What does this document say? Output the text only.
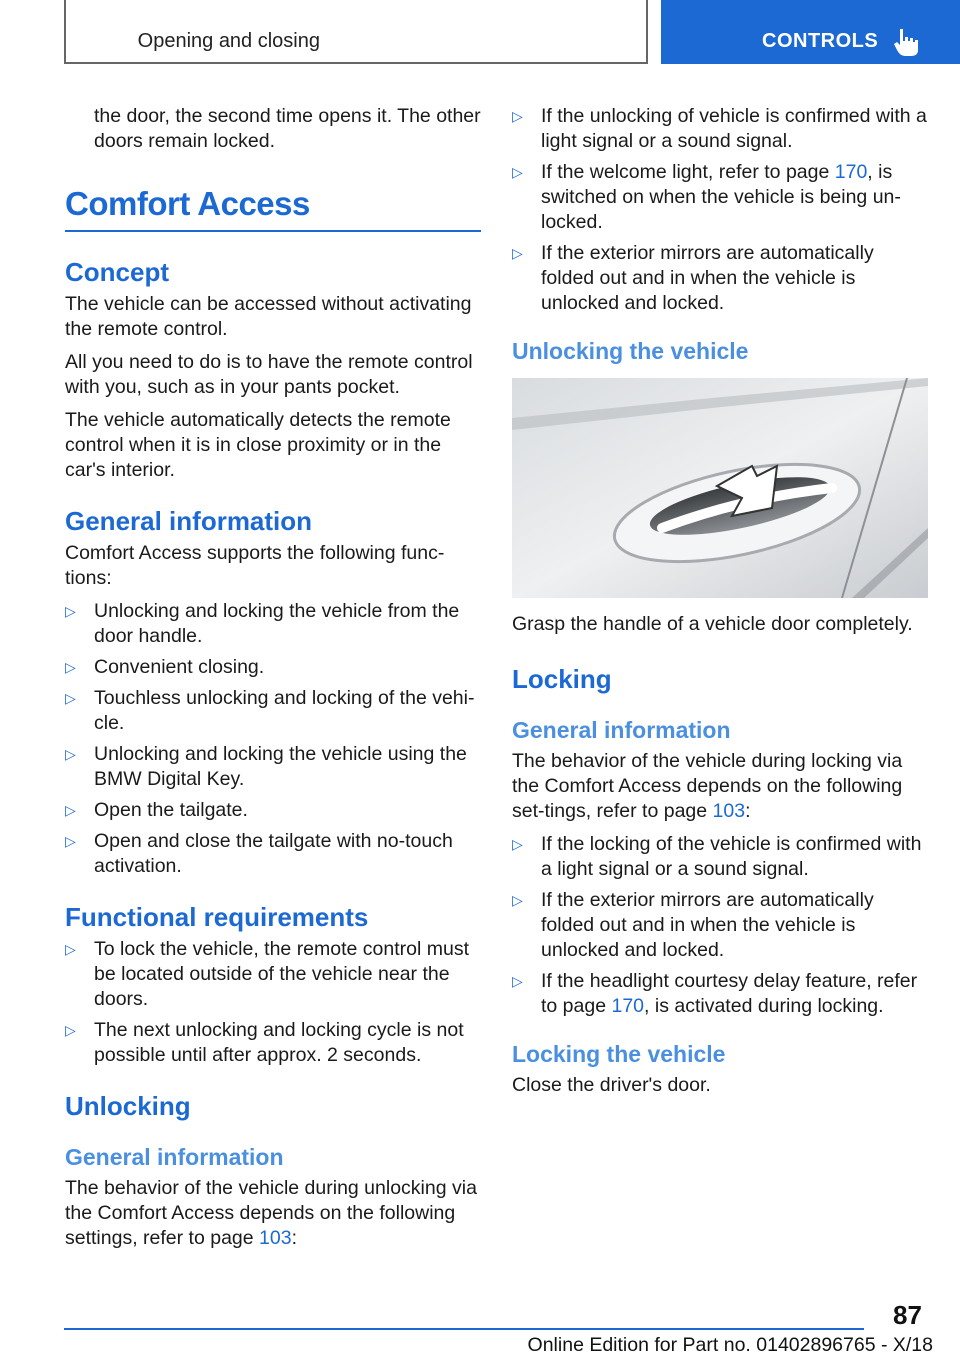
Opening and closing	CONTROLS

the door, the second time opens it. The other doors remain locked.

Comfort Access
Concept

The vehicle can be accessed without activating the remote control.

All you need to do is to have the remote control with you, such as in your pants pocket.

The vehicle automatically detects the remote control when it is in close proximity or in the car's interior.

General information

Comfort Access supports the following func‐tions:

▷ Unlocking and locking the vehicle from the door handle.
▷ Convenient closing.
▷ Touchless unlocking and locking of the vehi‐cle.
▷ Unlocking and locking the vehicle using the BMW Digital Key.
▷ Open the tailgate.
▷ Open and close the tailgate with no-touch activation.
Functional requirements
▷ To lock the vehicle, the remote control must be located outside of the vehicle near the doors.
▷ The next unlocking and locking cycle is not possible until after approx. 2 seconds.
Unlocking
General information

The behavior of the vehicle during unlocking via the Comfort Access depends on the following settings, refer to page 103:

▷ If the unlocking of vehicle is confirmed with a light signal or a sound signal.
▷ If the welcome light, refer to page 170, is switched on when the vehicle is being un‐locked.
▷ If the exterior mirrors are automatically folded out and in when the vehicle is unlocked and locked.
Unlocking the vehicle

Grasp the handle of a vehicle door completely.

Locking
General information

The behavior of the vehicle during locking via the Comfort Access depends on the following set‐tings, refer to page 103:

▷ If the locking of the vehicle is confirmed with a light signal or a sound signal.
▷ If the exterior mirrors are automatically folded out and in when the vehicle is unlocked and locked.
▷ If the headlight courtesy delay feature, refer to page 170, is activated during locking.
Locking the vehicle

Close the driver's door.

87
Online Edition for Part no. 01402896765 - X/18
